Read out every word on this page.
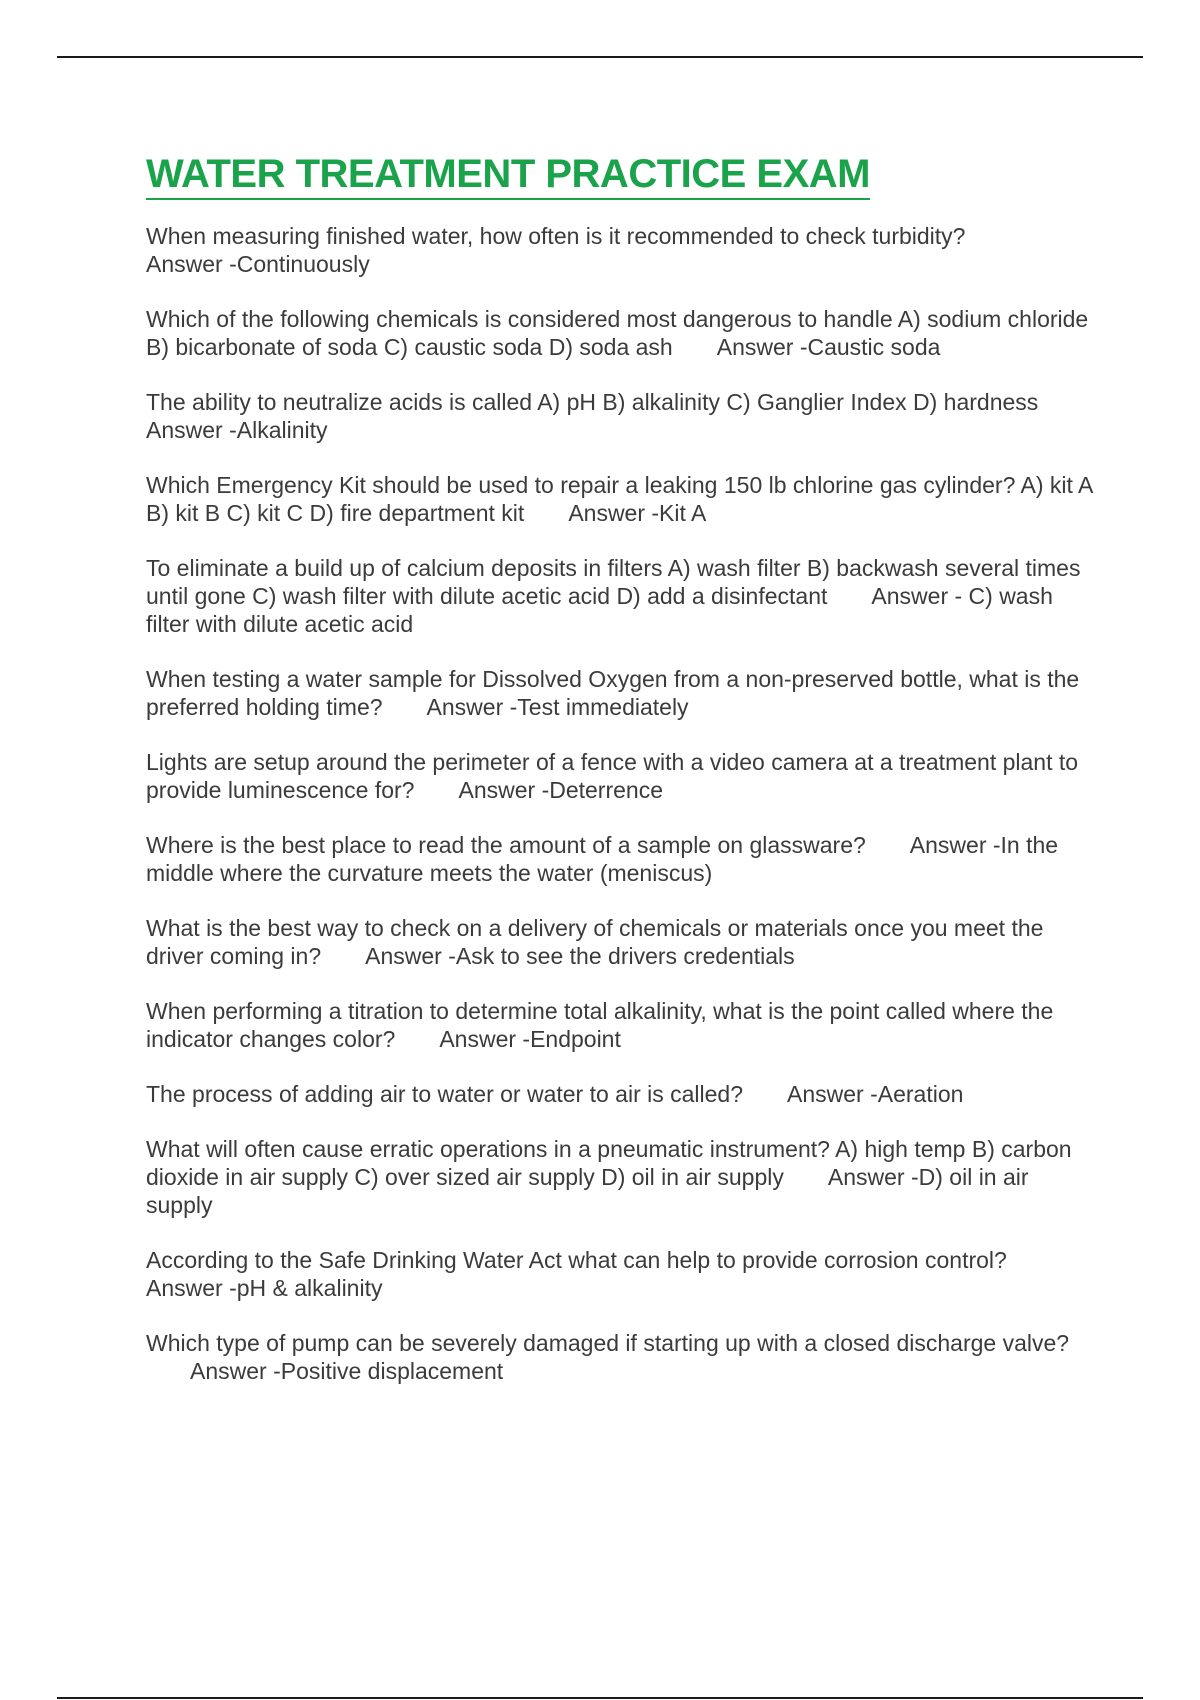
WATER TREATMENT PRACTICE EXAM
When measuring finished water, how often is it recommended to check turbidity?
Answer -Continuously
Which of the following chemicals is considered most dangerous to handle A) sodium chloride B) bicarbonate of soda C) caustic soda D) soda ash Answer -Caustic soda
The ability to neutralize acids is called A) pH B) alkalinity C) Ganglier Index D) hardness
Answer -Alkalinity
Which Emergency Kit should be used to repair a leaking 150 lb chlorine gas cylinder? A) kit A B) kit B C) kit C D) fire department kit Answer -Kit A
To eliminate a build up of calcium deposits in filters A) wash filter B) backwash several times until gone C) wash filter with dilute acetic acid D) add a disinfectant Answer - C) wash filter with dilute acetic acid
When testing a water sample for Dissolved Oxygen from a non-preserved bottle, what is the preferred holding time? Answer -Test immediately
Lights are setup around the perimeter of a fence with a video camera at a treatment plant to provide luminescence for? Answer -Deterrence
Where is the best place to read the amount of a sample on glassware? Answer -In the middle where the curvature meets the water (meniscus)
What is the best way to check on a delivery of chemicals or materials once you meet the driver coming in? Answer -Ask to see the drivers credentials
When performing a titration to determine total alkalinity, what is the point called where the indicator changes color? Answer -Endpoint
The process of adding air to water or water to air is called? Answer -Aeration
What will often cause erratic operations in a pneumatic instrument? A) high temp B) carbon dioxide in air supply C) over sized air supply D) oil in air supply Answer -D) oil in air supply
According to the Safe Drinking Water Act what can help to provide corrosion control?
Answer -pH & alkalinity
Which type of pump can be severely damaged if starting up with a closed discharge valve?Answer -Positive displacement
